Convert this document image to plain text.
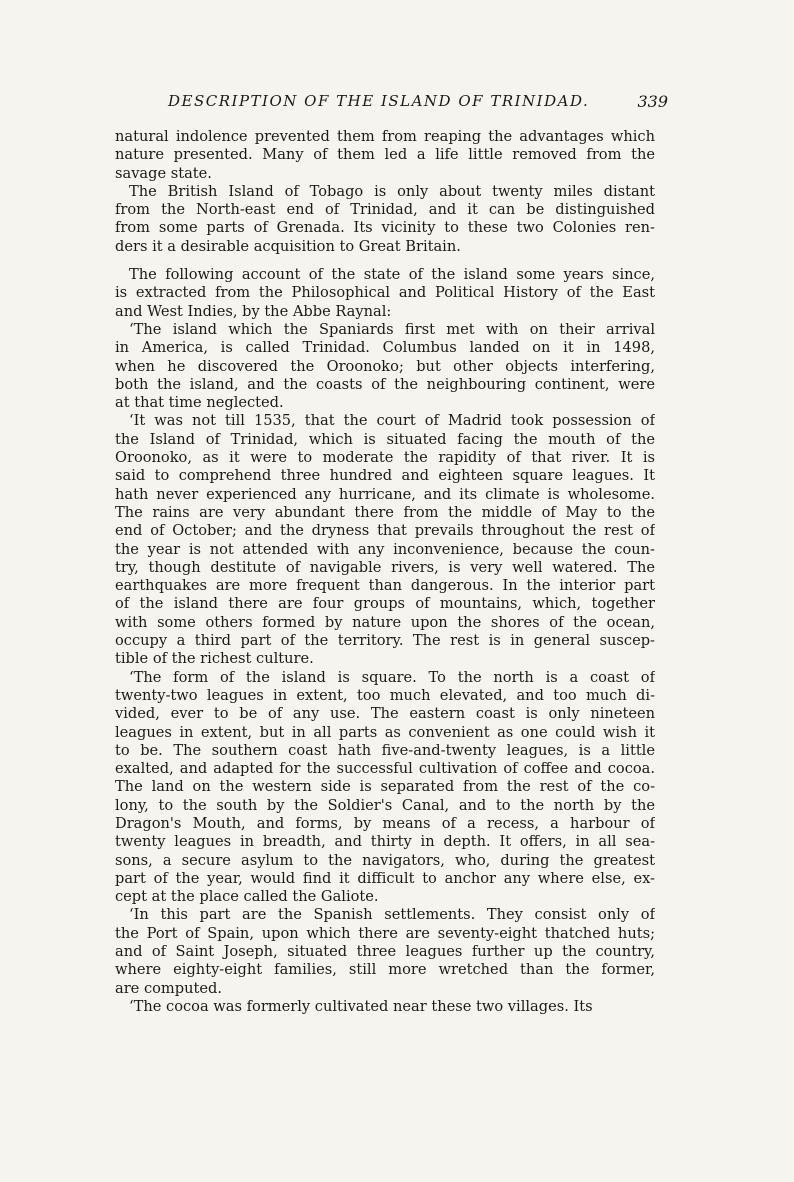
DESCRIPTION OF THE ISLAND OF TRINIDAD.	339
natural indolence prevented them from reaping the advantages which
nature presented. Many of them led a life little removed from the
savage state.
The British Island of Tobago is only about twenty miles distant
from the North-east end of Trinidad, and it can be distinguished
from some parts of Grenada. Its vicinity to these two Colonies ren-
ders it a desirable acquisition to Great Britain.
The following account of the state of the island some years since,
is extracted from the Philosophical and Political History of the East
and West Indies, by the Abbe Raynal:
‘The island which the Spaniards first met with on their arrival
in America, is called Trinidad. Columbus landed on it in 1498,
when he discovered the Oroonoko; but other objects interfering,
both the island, and the coasts of the neighbouring continent, were
at that time neglected.
‘It was not till 1535, that the court of Madrid took possession of
the Island of Trinidad, which is situated facing the mouth of the
Oroonoko, as it were to moderate the rapidity of that river. It is
said to comprehend three hundred and eighteen square leagues. It
hath never experienced any hurricane, and its climate is wholesome.
The rains are very abundant there from the middle of May to the
end of October; and the dryness that prevails throughout the rest of
the year is not attended with any inconvenience, because the coun-
try, though destitute of navigable rivers, is very well watered. The
earthquakes are more frequent than dangerous. In the interior part
of the island there are four groups of mountains, which, together
with some others formed by nature upon the shores of the ocean,
occupy a third part of the territory. The rest is in general suscep-
tible of the richest culture.
‘The form of the island is square. To the north is a coast of
twenty-two leagues in extent, too much elevated, and too much di-
vided, ever to be of any use. The eastern coast is only nineteen
leagues in extent, but in all parts as convenient as one could wish it
to be. The southern coast hath five-and-twenty leagues, is a little
exalted, and adapted for the successful cultivation of coffee and cocoa.
The land on the western side is separated from the rest of the co-
lony, to the south by the Soldier's Canal, and to the north by the
Dragon's Mouth, and forms, by means of a recess, a harbour of
twenty leagues in breadth, and thirty in depth. It offers, in all sea-
sons, a secure asylum to the navigators, who, during the greatest
part of the year, would find it difficult to anchor any where else, ex-
cept at the place called the Galiote.
‘In this part are the Spanish settlements. They consist only of
the Port of Spain, upon which there are seventy-eight thatched huts;
and of Saint Joseph, situated three leagues further up the country,
where eighty-eight families, still more wretched than the former,
are computed.
‘The cocoa was formerly cultivated near these two villages. Its
